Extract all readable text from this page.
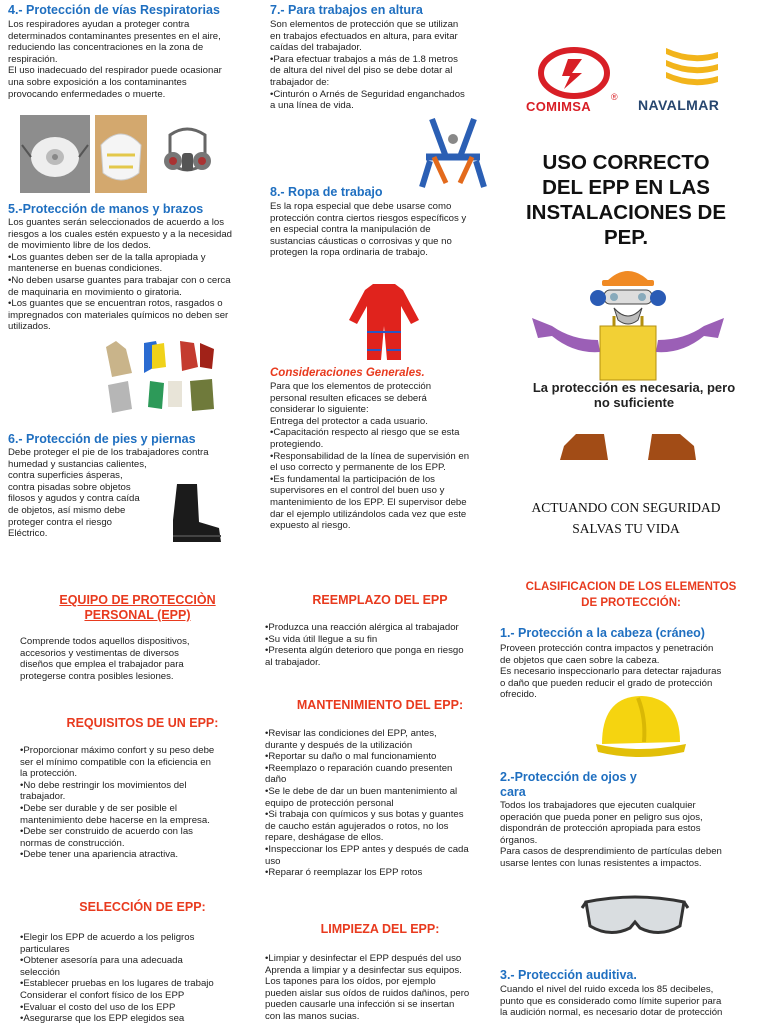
4.- Protección de vías Respiratorias
Los respiradores ayudan a proteger contra
determinados contaminantes presentes en el aire,
reduciendo las concentraciones en la zona de
respiración.
El uso inadecuado del respirador puede ocasionar
una sobre exposición a los contaminantes
provocando enfermedades o muerte.
5.-Protección de manos y brazos
Los guantes serán seleccionados de acuerdo a los
riesgos a los cuales estén expuesto y a la necesidad
de movimiento libre de los dedos.
•Los guantes deben ser de la talla apropiada y
mantenerse en buenas condiciones.
•No deben usarse guantes para trabajar con o cerca
de maquinaria en movimiento o giratoria.
•Los guantes que se encuentran rotos, rasgados o
impregnados con materiales químicos no deben ser
utilizados.
6.- Protección de pies y piernas
Debe proteger el pie de los trabajadores contra
humedad y sustancias calientes,
contra superficies ásperas,
contra pisadas sobre objetos
filosos y agudos y contra caída
de objetos, así mismo debe
proteger contra el riesgo
Eléctrico.
7.- Para trabajos en altura
Son elementos de protección que se utilizan
en trabajos efectuados en altura, para evitar
caídas del trabajador.
•Para efectuar trabajos a más de 1.8 metros
de altura del nivel del piso se debe dotar al
trabajador de:
•Cinturón o Arnés de Seguridad enganchados
a una línea de vida.
8.- Ropa de trabajo
Es la ropa especial que debe usarse como
protección contra ciertos riesgos específicos y
en especial contra la manipulación de
sustancias cáusticas o corrosivas y que no
protegen la ropa ordinaria de trabajo.
Consideraciones Generales.
Para que los elementos de protección
personal resulten eficaces se deberá
considerar lo siguiente:
Entrega del protector a cada usuario.
•Capacitación respecto al riesgo que se esta
protegiendo.
•Responsabilidad de la línea de supervisión en
el uso correcto y permanente de los EPP.
•Es fundamental la participación de los
supervisores en el control del buen uso y
mantenimiento de los EPP. El supervisor debe
dar el ejemplo utilizándolos cada vez que este
expuesto al riesgo.
®
COMIMSA	NAVALMAR
USO CORRECTO DEL EPP EN LAS INSTALACIONES DE PEP.
La protección es necesaria, pero no suficiente
ACTUANDO CON SEGURIDAD
SALVAS TU VIDA
EQUIPO DE PROTECCIÒN
PERSONAL (EPP)
Comprende todos aquellos dispositivos,
accesorios y vestimentas de diversos
diseños que emplea el trabajador para
protegerse contra posibles lesiones.
REQUISITOS DE UN EPP:
•Proporcionar máximo confort y su peso debe
ser el mínimo compatible con la eficiencia en
la protección.
•No debe restringir los movimientos del
trabajador.
•Debe ser durable y de ser posible el
mantenimiento debe hacerse en la empresa.
•Debe ser construido de acuerdo con las
normas de construcción.
•Debe tener una apariencia atractiva.
SELECCIÓN DE EPP:
•Elegir los EPP de acuerdo a los peligros
particulares
•Obtener asesoría para una adecuada
selección
•Establecer pruebas en los lugares de trabajo
Considerar el confort físico de los EPP
•Evaluar el costo del uso de los EPP
•Asegurarse que los EPP elegidos sea
REEMPLAZO DEL EPP
•Produzca una reacción alérgica al trabajador
•Su vida útil llegue a su fin
•Presenta algún deterioro que ponga en riesgo
al trabajador.
MANTENIMIENTO DEL EPP:
•Revisar las condiciones del EPP, antes,
durante y después de la utilización
•Reportar su daño o mal funcionamiento
•Reemplazo o reparación cuando presenten
daño
•Se le debe de dar un buen mantenimiento al
equipo de protección personal
•Si trabaja con químicos y sus botas y guantes
de caucho están agujerados o rotos, no los
repare, deshágase de ellos.
•Inspeccionar los EPP antes y después de cada
uso
•Reparar ó reemplazar los EPP rotos
LIMPIEZA DEL EPP:
•Limpiar y desinfectar el EPP después del uso
Aprenda a limpiar y a desinfectar sus equipos.
Los tapones para los oídos, por ejemplo
pueden aislar sus oídos de ruidos dañinos, pero
pueden causarle una infección si se insertan
con las manos sucias.
CLASIFICACION DE LOS ELEMENTOS
DE PROTECCIÓN:
1.- Protección a la cabeza (cráneo)
Proveen protección contra impactos y penetración
de objetos que caen sobre la cabeza.
Es necesario inspeccionarlo para detectar rajaduras
o daño que pueden reducir el grado de protección
ofrecido.
2.-Protección de ojos y
cara
Todos los trabajadores que ejecuten cualquier
operación que pueda poner en peligro sus ojos,
dispondrán de protección apropiada para estos
órganos.
Para casos de desprendimiento de partículas deben
usarse lentes con lunas resistentes a impactos.
3.- Protección auditiva.
Cuando el nivel del ruido exceda los 85 decibeles,
punto que es considerado como límite superior para
la audición normal, es necesario dotar de protección
